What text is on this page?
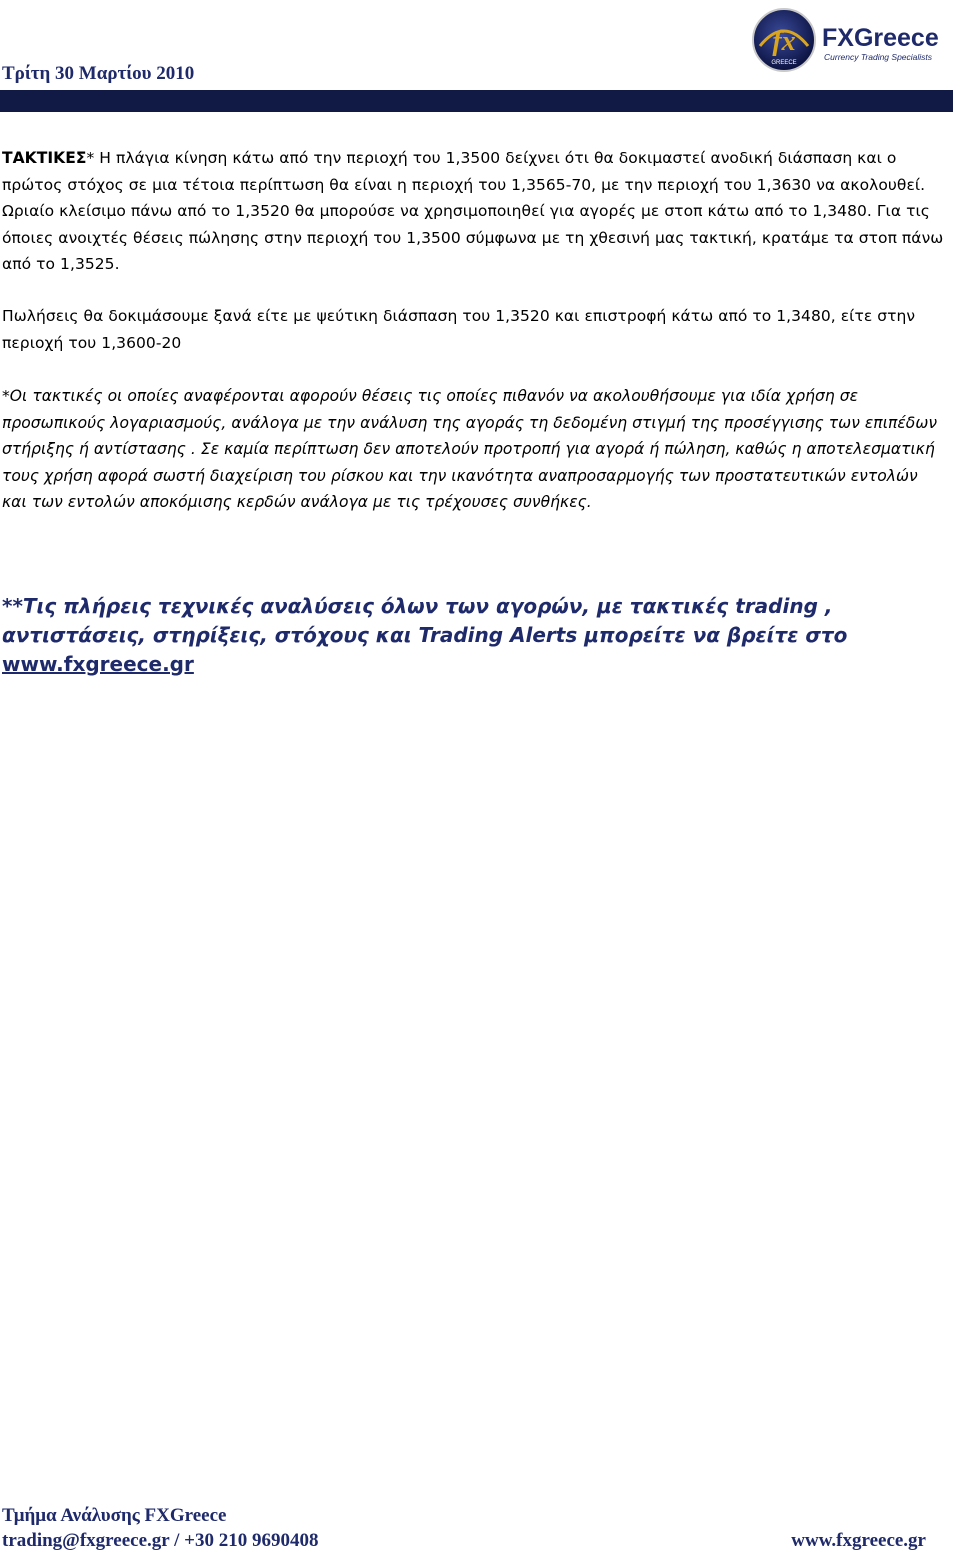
Τρίτη 30 Μαρτίου 2010
fx
GREECE
FXGreece
Currency Trading Specialists
ΤΑΚΤΙΚΕΣ* Η πλάγια κίνηση κάτω από την περιοχή του 1,3500 δείχνει ότι θα δοκιμαστεί ανοδική διάσπαση και ο πρώτος στόχος σε μια τέτοια περίπτωση θα είναι η περιοχή του 1,3565-70, με την περιοχή του 1,3630 να ακολουθεί. Ωριαίο κλείσιμο πάνω από το 1,3520 θα μπορούσε να χρησιμοποιηθεί για αγορές με στοπ κάτω από το 1,3480. Για τις όποιες ανοιχτές θέσεις πώλησης στην περιοχή του 1,3500 σύμφωνα με τη χθεσινή μας τακτική, κρατάμε τα στοπ πάνω από το 1,3525.
Πωλήσεις θα δοκιμάσουμε ξανά είτε με ψεύτικη διάσπαση του 1,3520 και επιστροφή κάτω από το 1,3480, είτε στην περιοχή του 1,3600-20
*Οι τακτικές οι οποίες αναφέρονται αφορούν θέσεις τις οποίες πιθανόν να ακολουθήσουμε για ιδία χρήση σε προσωπικούς λογαριασμούς, ανάλογα με την ανάλυση της αγοράς τη δεδομένη στιγμή της προσέγγισης των επιπέδων στήριξης ή αντίστασης . Σε καμία περίπτωση δεν αποτελούν προτροπή για αγορά ή πώληση, καθώς η αποτελεσματική τους χρήση αφορά σωστή διαχείριση του ρίσκου και την ικανότητα αναπροσαρμογής των προστατευτικών εντολών και των εντολών αποκόμισης κερδών ανάλογα με τις τρέχουσες συνθήκες.
**Τις πλήρεις τεχνικές αναλύσεις όλων των αγορών, με τακτικές trading , αντιστάσεις, στηρίξεις, στόχους και Trading Alerts μπορείτε να βρείτε στο
www.fxgreece.gr
Τμήμα Ανάλυσης FXGreece
trading@fxgreece.gr / +30 210 9690408	www.fxgreece.gr
